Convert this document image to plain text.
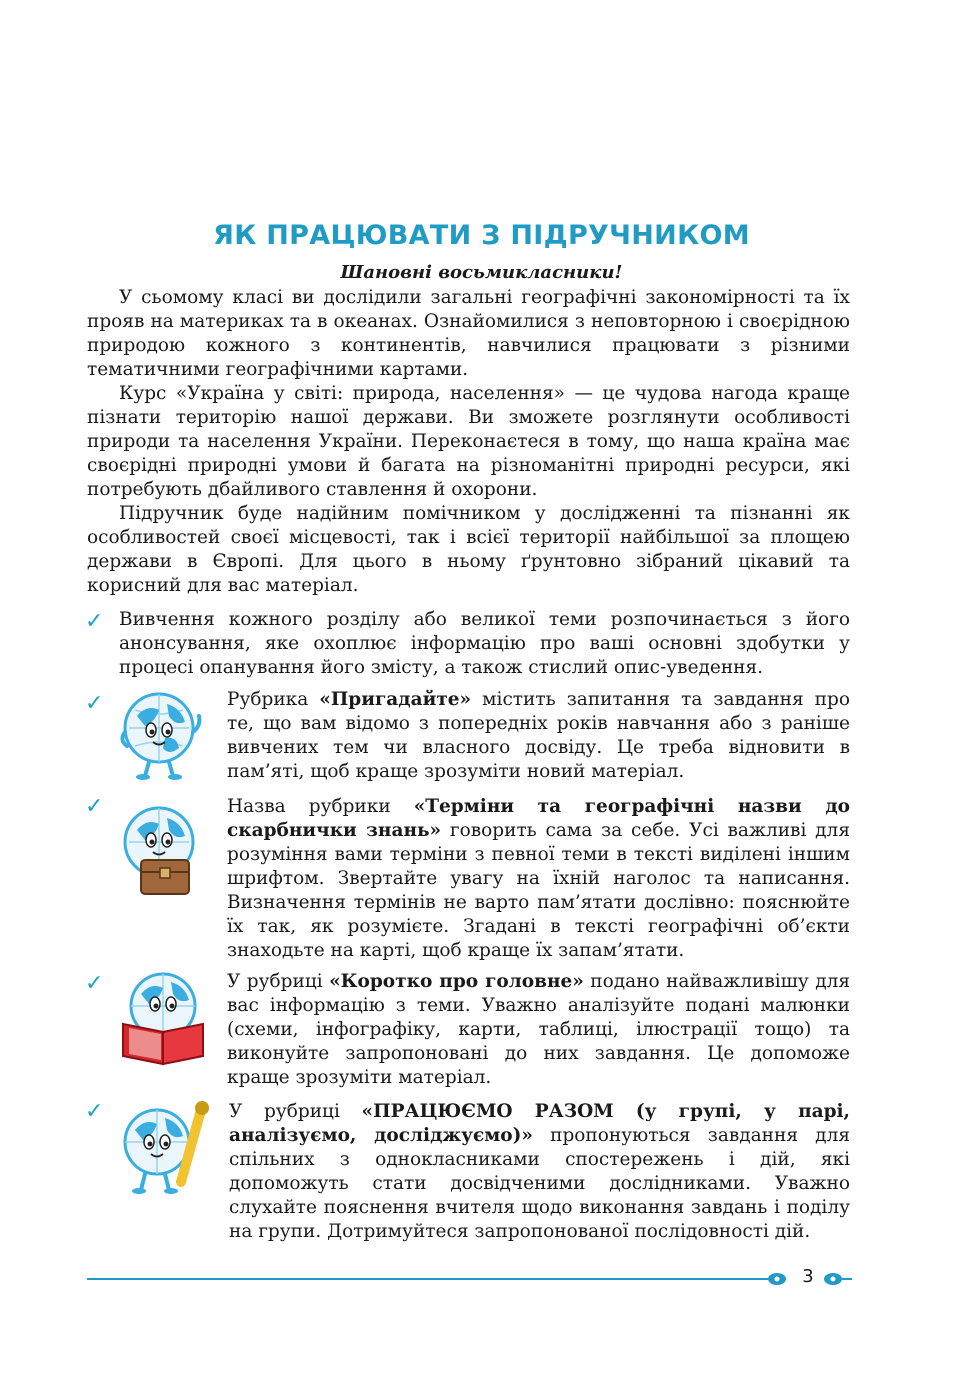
ЯК ПРАЦЮВАТИ З ПІДРУЧНИКОМ

Шановні восьмикласники!

У сьомому класі ви дослідили загальні географічні закономірності та їх прояв на материках та в океанах. Ознайомилися з неповторною і своєрідною природою кожного з континентів, навчилися працювати з різними тематичними географічними картами.

Курс «Україна у світі: природа, населення» — це чудова нагода краще пізнати територію нашої держави. Ви зможете розглянути особливості природи та населення України. Переконаєтеся в тому, що наша країна має своєрідні природні умови й багата на різноманітні природні ресурси, які потребують дбайливого ставлення й охорони.

Підручник буде надійним помічником у дослідженні та пізнанні як особливостей своєї місцевості, так і всієї території найбільшої за площею держави в Європі. Для цього в ньому ґрунтовно зібраний цікавий та корисний для вас матеріал.

✓ Вивчення кожного розділу або великої теми розпочинається з його анонсування, яке охоплює інформацію про ваші основні здобутки у процесі опанування його змісту, а також стислий опис-уведення.

✓	Рубрика «Пригадайте» містить запитання та завдання про те, що вам відомо з попередніх років навчання або з раніше вивчених тем чи власного досвіду. Це треба відновити в пам’яті, щоб краще зрозуміти новий матеріал.

✓	Назва рубрики «Терміни та географічні назви до скарбнички знань» говорить сама за себе. Усі важливі для розуміння вами терміни з певної теми в тексті виділені іншим шрифтом. Звертайте увагу на їхній наголос та написання. Визначення термінів не варто пам’ятати дослівно: пояснюйте їх так, як розумієте. Згадані в тексті географічні об’єкти знаходьте на карті, щоб краще їх запам’ятати.

✓	У рубриці «Коротко про головне» подано найважливішу для вас інформацію з теми. Уважно аналізуйте подані малюнки (схеми, інфографіку, карти, таблиці, ілюстрації тощо) та виконуйте запропоновані до них завдання. Це допоможе краще зрозуміти матеріал.

✓	У рубриці «ПРАЦЮЄМО РАЗОМ (у групі, у парі, аналізуємо, досліджуємо)» пропонуються завдання для спільних з однокласниками спостережень і дій, які допоможуть стати досвідченими дослідниками. Уважно слухайте пояснення вчителя щодо виконання завдань і поділу на групи. Дотримуйтеся запропонованої послідовності дій.

3
